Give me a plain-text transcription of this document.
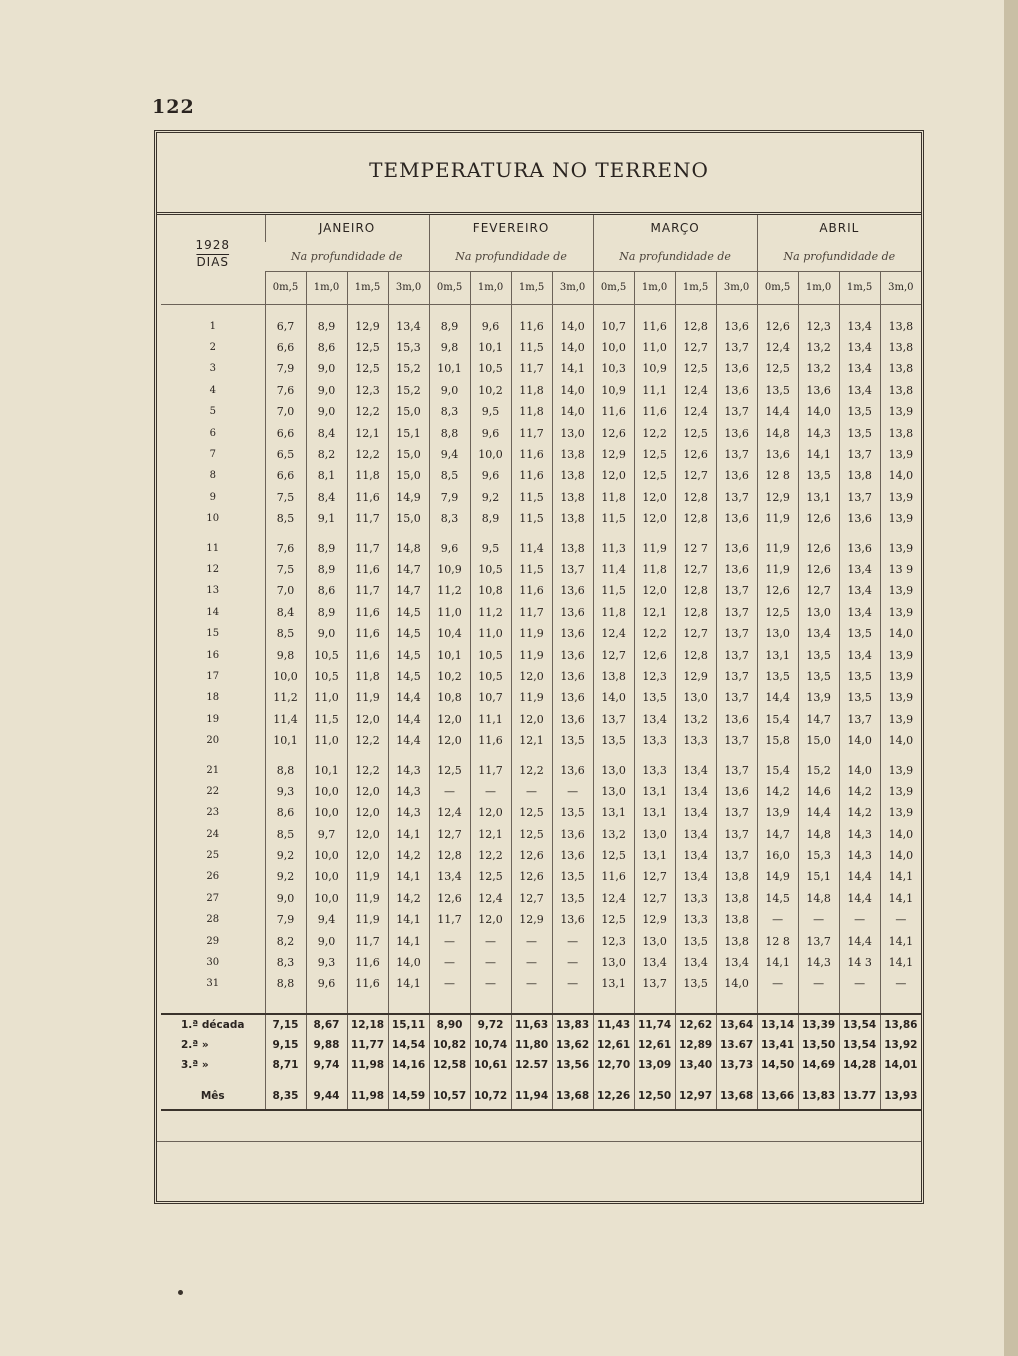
122
TEMPERATURA NO TERRENO
1928
DIAS	JANEIRO				FEVEREIRO				MARÇO				ABRIL			
	Na profundidade de				Na profundidade de				Na profundidade de				Na profundidade de			
	0m,5	1m,0	1m,5	3m,0	0m,5	1m,0	1m,5	3m,0	0m,5	1m,0	1m,5	3m,0	0m,5	1m,0	1m,5	3m,0

1	6,7	8,9	12,9	13,4	8,9	9,6	11,6	14,0	10,7	11,6	12,8	13,6	12,6	12,3	13,4	13,8
2	6,6	8,6	12,5	15,3	9,8	10,1	11,5	14,0	10,0	11,0	12,7	13,7	12,4	13,2	13,4	13,8
3	7,9	9,0	12,5	15,2	10,1	10,5	11,7	14,1	10,3	10,9	12,5	13,6	12,5	13,2	13,4	13,8
4	7,6	9,0	12,3	15,2	9,0	10,2	11,8	14,0	10,9	11,1	12,4	13,6	13,5	13,6	13,4	13,8
5	7,0	9,0	12,2	15,0	8,3	9,5	11,8	14,0	11,6	11,6	12,4	13,7	14,4	14,0	13,5	13,9
6	6,6	8,4	12,1	15,1	8,8	9,6	11,7	13,0	12,6	12,2	12,5	13,6	14,8	14,3	13,5	13,8
7	6,5	8,2	12,2	15,0	9,4	10,0	11,6	13,8	12,9	12,5	12,6	13,7	13,6	14,1	13,7	13,9
8	6,6	8,1	11,8	15,0	8,5	9,6	11,6	13,8	12,0	12,5	12,7	13,6	12 8	13,5	13,8	14,0
9	7,5	8,4	11,6	14,9	7,9	9,2	11,5	13,8	11,8	12,0	12,8	13,7	12,9	13,1	13,7	13,9
10	8,5	9,1	11,7	15,0	8,3	8,9	11,5	13,8	11,5	12,0	12,8	13,6	11,9	12,6	13,6	13,9

11	7,6	8,9	11,7	14,8	9,6	9,5	11,4	13,8	11,3	11,9	12 7	13,6	11,9	12,6	13,6	13,9
12	7,5	8,9	11,6	14,7	10,9	10,5	11,5	13,7	11,4	11,8	12,7	13,6	11,9	12,6	13,4	13 9
13	7,0	8,6	11,7	14,7	11,2	10,8	11,6	13,6	11,5	12,0	12,8	13,7	12,6	12,7	13,4	13,9
14	8,4	8,9	11,6	14,5	11,0	11,2	11,7	13,6	11,8	12,1	12,8	13,7	12,5	13,0	13,4	13,9
15	8,5	9,0	11,6	14,5	10,4	11,0	11,9	13,6	12,4	12,2	12,7	13,7	13,0	13,4	13,5	14,0
16	9,8	10,5	11,6	14,5	10,1	10,5	11,9	13,6	12,7	12,6	12,8	13,7	13,1	13,5	13,4	13,9
17	10,0	10,5	11,8	14,5	10,2	10,5	12,0	13,6	13,8	12,3	12,9	13,7	13,5	13,5	13,5	13,9
18	11,2	11,0	11,9	14,4	10,8	10,7	11,9	13,6	14,0	13,5	13,0	13,7	14,4	13,9	13,5	13,9
19	11,4	11,5	12,0	14,4	12,0	11,1	12,0	13,6	13,7	13,4	13,2	13,6	15,4	14,7	13,7	13,9
20	10,1	11,0	12,2	14,4	12,0	11,6	12,1	13,5	13,5	13,3	13,3	13,7	15,8	15,0	14,0	14,0

21	8,8	10,1	12,2	14,3	12,5	11,7	12,2	13,6	13,0	13,3	13,4	13,7	15,4	15,2	14,0	13,9
22	9,3	10,0	12,0	14,3	—	—	—	—	13,0	13,1	13,4	13,6	14,2	14,6	14,2	13,9
23	8,6	10,0	12,0	14,3	12,4	12,0	12,5	13,5	13,1	13,1	13,4	13,7	13,9	14,4	14,2	13,9
24	8,5	9,7	12,0	14,1	12,7	12,1	12,5	13,6	13,2	13,0	13,4	13,7	14,7	14,8	14,3	14,0
25	9,2	10,0	12,0	14,2	12,8	12,2	12,6	13,6	12,5	13,1	13,4	13,7	16,0	15,3	14,3	14,0
26	9,2	10,0	11,9	14,1	13,4	12,5	12,6	13,5	11,6	12,7	13,4	13,8	14,9	15,1	14,4	14,1
27	9,0	10,0	11,9	14,2	12,6	12,4	12,7	13,5	12,4	12,7	13,3	13,8	14,5	14,8	14,4	14,1
28	7,9	9,4	11,9	14,1	11,7	12,0	12,9	13,6	12,5	12,9	13,3	13,8	—	—	—	—
29	8,2	9,0	11,7	14,1	—	—	—	—	12,3	13,0	13,5	13,8	12 8	13,7	14,4	14,1
30	8,3	9,3	11,6	14,0	—	—	—	—	13,0	13,4	13,4	13,4	14,1	14,3	14 3	14,1
31	8,8	9,6	11,6	14,1	—	—	—	—	13,1	13,7	13,5	14,0	—	—	—	—

1.ª década	7,15	8,67	12,18	15,11	8,90	9,72	11,63	13,83	11,43	11,74	12,62	13,64	13,14	13,39	13,54	13,86
2.ª »	9,15	9,88	11,77	14,54	10,82	10,74	11,80	13,62	12,61	12,61	12,89	13.67	13,41	13,50	13,54	13,92
3.ª »	8,71	9,74	11,98	14,16	12,58	10,61	12.57	13,56	12,70	13,09	13,40	13,73	14,50	14,69	14,28	14,01

Mês	8,35	9,44	11,98	14,59	10,57	10,72	11,94	13,68	12,26	12,50	12,97	13,68	13,66	13,83	13.77	13,93
